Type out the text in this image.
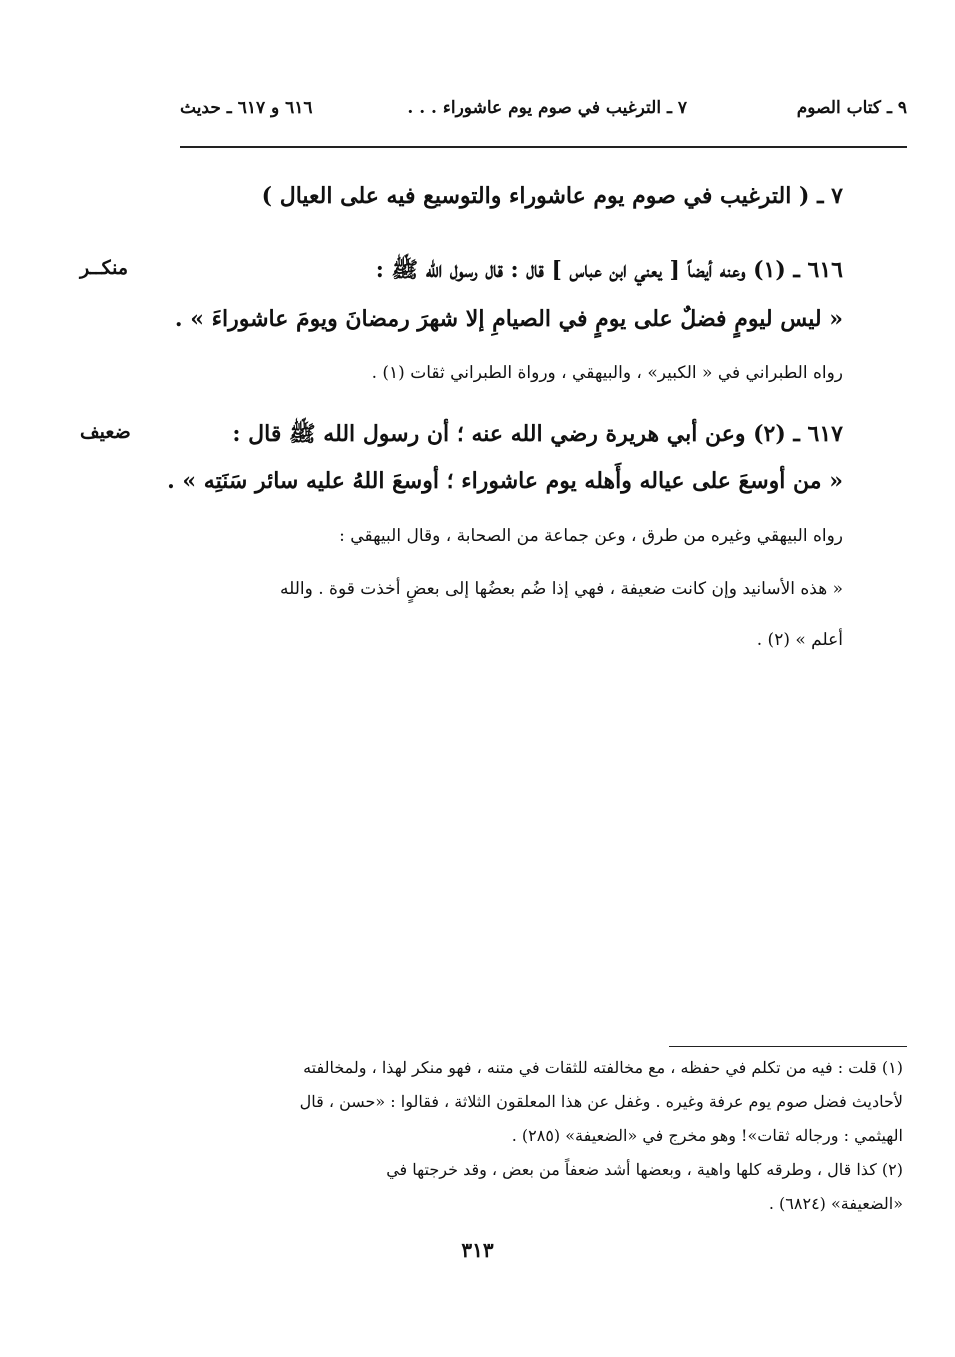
٩ ـ كتاب الصوم
٧ ـ الترغيب في صوم يوم عاشوراء . . .
٦١٦ و ٦١٧ ـ حديث
٧ ـ ( الترغيب في صوم يوم عاشوراء والتوسيع فيه على العيال )
منكــر	٦١٦ ـ (١) وعنه أيضاً [ يعني ابن عباس ] قال : قال رسول الله ﷺ :
« ليس ليومٍ فضلٌ على يومٍ في الصيامِ إلا شهرَ رمضانَ ويومَ عاشوراءَ » .
رواه الطبراني في « الكبير» ، والبيهقي ، ورواة الطبراني ثقات (١) .
ضعيف	٦١٧ ـ (٢) وعن أبي هريرة رضي الله عنه ؛ أن رسول الله ﷺ قال :
« من أوسعَ على عياله وأَهله يوم عاشوراء ؛ أوسعَ اللهُ عليه سائر سَنَتِه » .
رواه البيهقي وغيره من طرق ، وعن جماعة من الصحابة ، وقال البيهقي :
« هذه الأسانيد وإن كانت ضعيفة ، فهي إذا ضُم بعضُها إلى بعضٍ أخذت قوة . والله
أعلم » (٢) .
(١) قلت : فيه من تكلم في حفظه ، مع مخالفته للثقات في متنه ، فهو منكر لهذا ، ولمخالفته
لأحاديث فضل صوم يوم عرفة وغيره . وغفل عن هذا المعلقون الثلاثة ، فقالوا : «حسن ، قال
الهيثمي : ورجاله ثقات»! وهو مخرج في «الضعيفة» (٢٨٥) .
(٢) كذا قال ، وطرقه كلها واهية ، وبعضها أشد ضعفاً من بعض ، وقد خرجتها في
«الضعيفة» (٦٨٢٤) .
٣١٣
